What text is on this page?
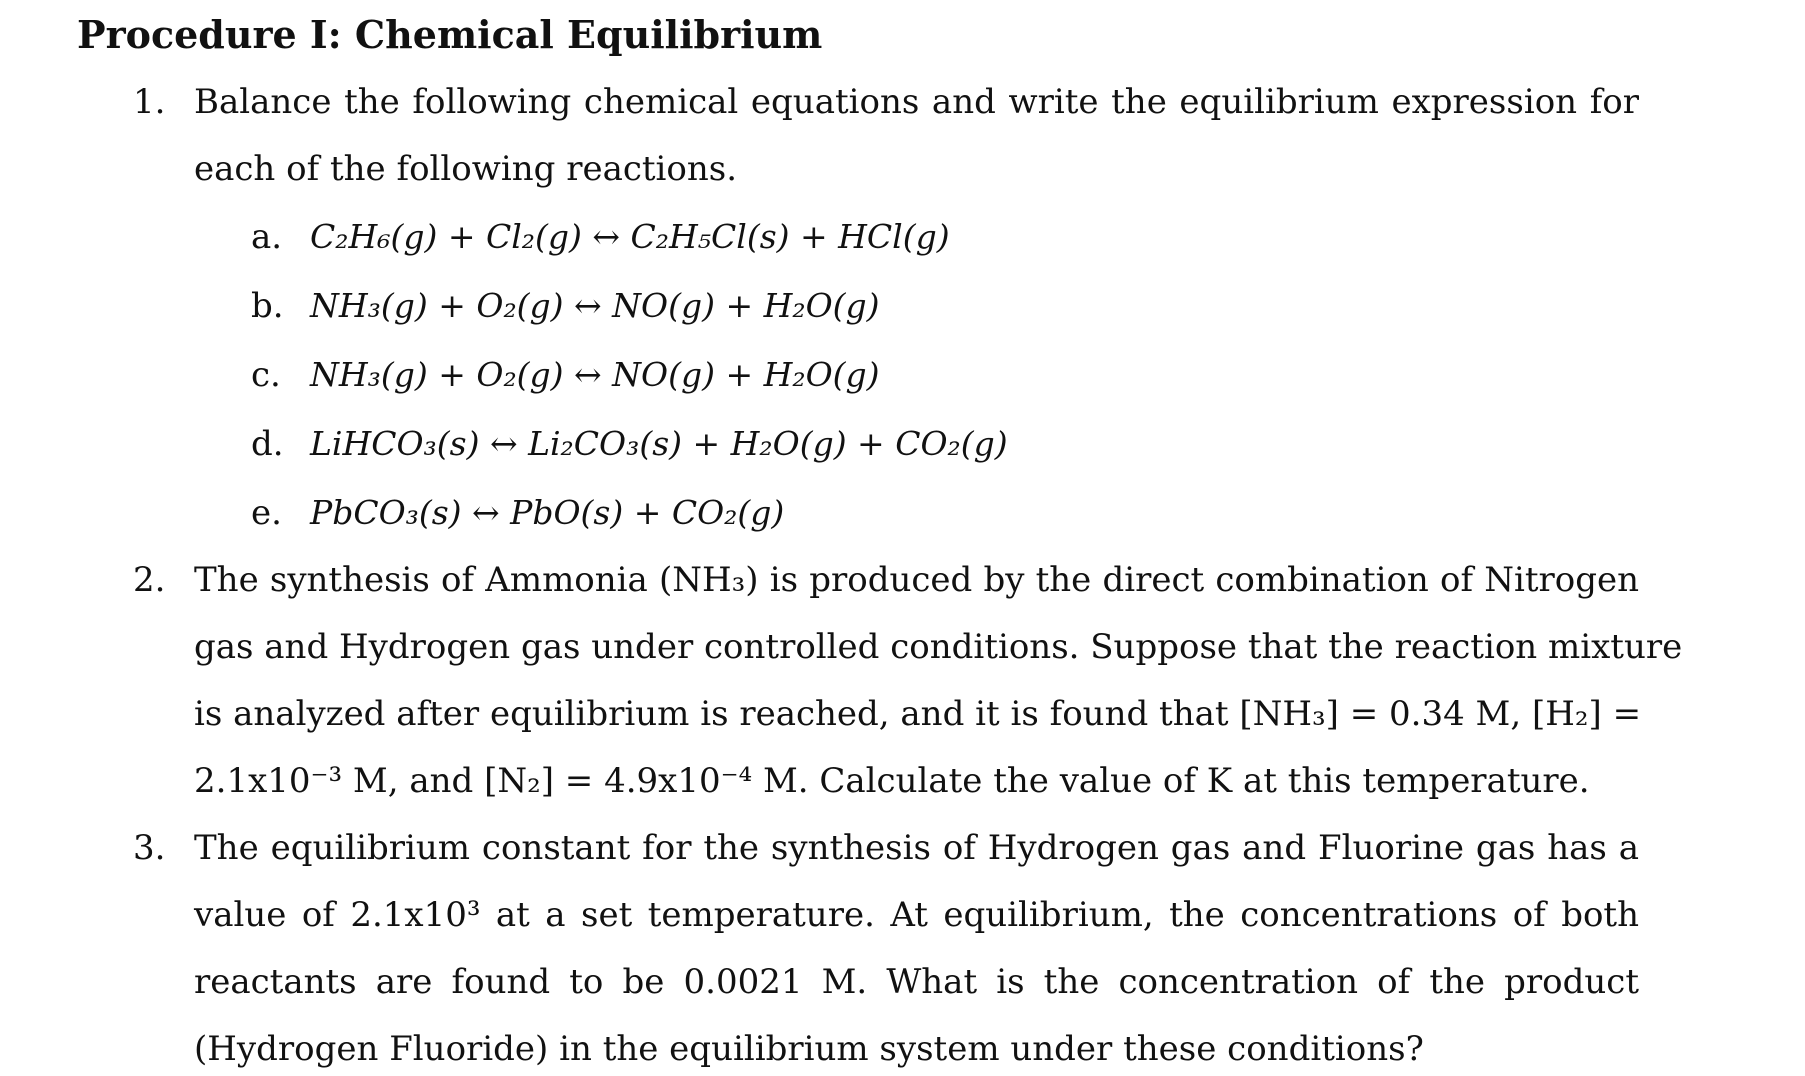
Procedure I: Chemical Equilibrium
1. Balance the following chemical equations and write the equilibrium expression for
each of the following reactions.
a. C₂H₆(g) + Cl₂(g) ↔ C₂H₅Cl(s) + HCl(g)
b. NH₃(g) + O₂(g) ↔ NO(g) + H₂O(g)
c. NH₃(g) + O₂(g) ↔ NO(g) + H₂O(g)
d. LiHCO₃(s) ↔ Li₂CO₃(s) + H₂O(g) + CO₂(g)
e. PbCO₃(s) ↔ PbO(s) + CO₂(g)
2. The synthesis of Ammonia (NH₃) is produced by the direct combination of Nitrogen
gas and Hydrogen gas under controlled conditions. Suppose that the reaction mixture
is analyzed after equilibrium is reached, and it is found that [NH₃] = 0.34 M, [H₂] =
2.1x10⁻³ M, and [N₂] = 4.9x10⁻⁴ M. Calculate the value of K at this temperature.
3. The equilibrium constant for the synthesis of Hydrogen gas and Fluorine gas has a
value of 2.1x10³ at a set temperature. At equilibrium, the concentrations of both
reactants are found to be 0.0021 M. What is the concentration of the product
(Hydrogen Fluoride) in the equilibrium system under these conditions?
